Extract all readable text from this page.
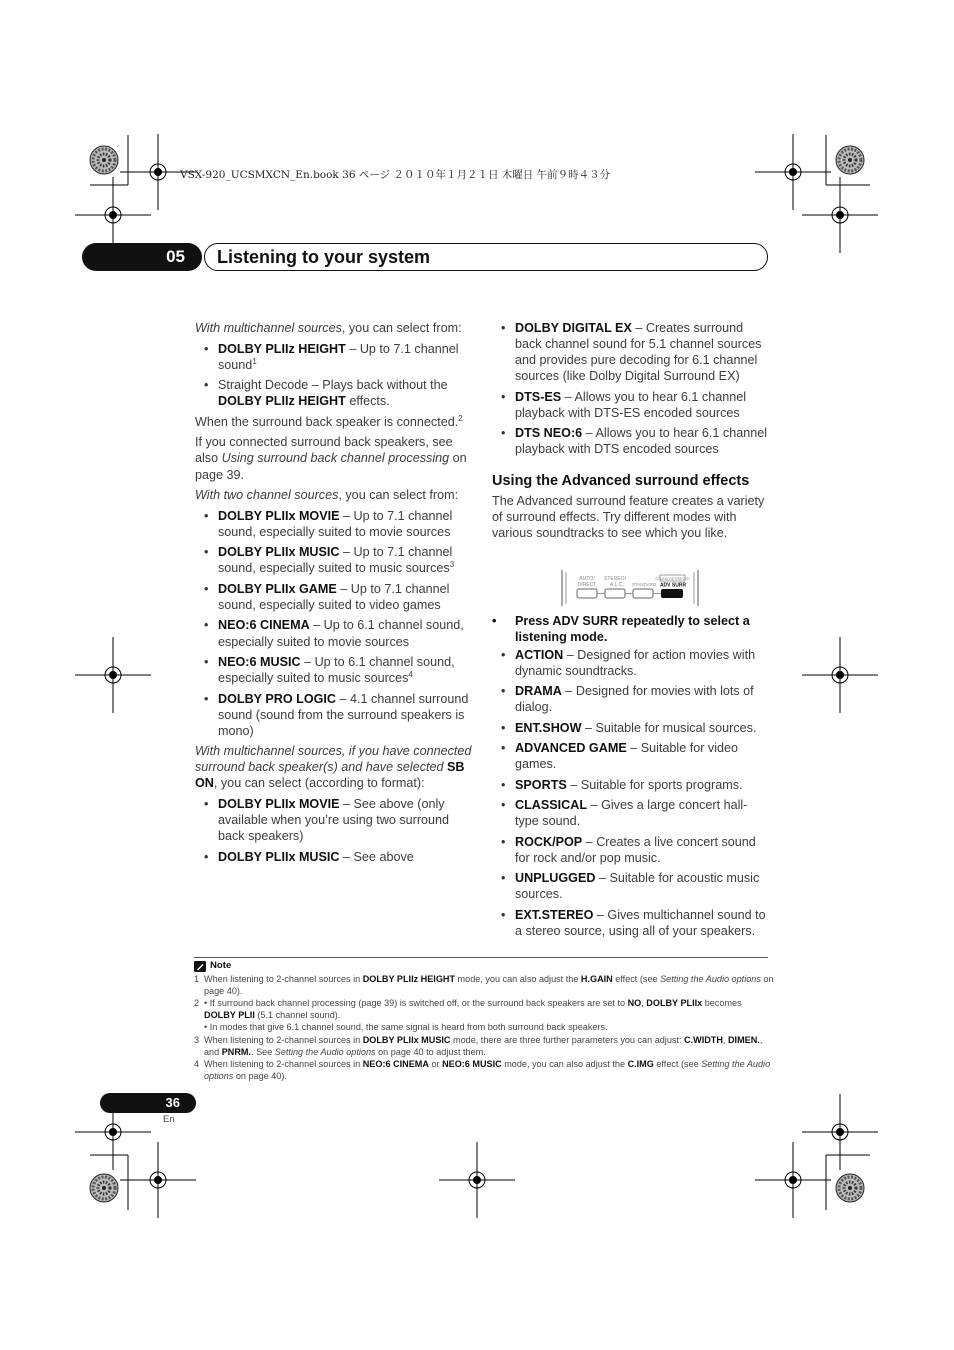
VSX-920_UCSMXCN_En.book 36 ページ ２０１０年１月２１日 木曜日 午前９時４３分
05	Listening to your system

With multichannel sources, you can select from:

• DOLBY PLIIz HEIGHT – Up to 7.1 channel sound$^1$
• Straight Decode – Plays back without the DOLBY PLIIz HEIGHT effects.

When the surround back speaker is connected.$^2$

If you connected surround back speakers, see also Using surround back channel processing on page 39.

With two channel sources, you can select from:

• DOLBY PLIIx MOVIE – Up to 7.1 channel sound, especially suited to movie sources
• DOLBY PLIIx MUSIC – Up to 7.1 channel sound, especially suited to music sources$^3$
• DOLBY PLIIx GAME – Up to 7.1 channel sound, especially suited to video games
• NEO:6 CINEMA – Up to 6.1 channel sound, especially suited to movie sources
• NEO:6 MUSIC – Up to 6.1 channel sound, especially suited to music sources$^4$
• DOLBY PRO LOGIC – 4.1 channel surround sound (sound from the surround speakers is mono)

With multichannel sources, if you have connected surround back speaker(s) and have selected SB ON, you can select (according to format):

• DOLBY PLIIx MOVIE – See above (only available when you’re using two surround back speakers)
• DOLBY PLIIx MUSIC – See above
• DOLBY DIGITAL EX – Creates surround back channel sound for 5.1 channel sources and provides pure decoding for 6.1 channel sources (like Dolby Digital Surround EX)
• DTS-ES – Allows you to hear 6.1 channel playback with DTS-ES encoded sources
• DTS NEO:6 – Allows you to hear 6.1 channel playback with DTS encoded sources
Using the Advanced surround effects

The Advanced surround feature creates a variety of surround effects. Try different modes with various soundtracks to see which you like.

• Press ADV SURR repeatedly to select a listening mode.
• ACTION – Designed for action movies with dynamic soundtracks.
• DRAMA – Designed for movies with lots of dialog.
• ENT.SHOW – Suitable for musical sources.
• ADVANCED GAME – Suitable for video games.
• SPORTS – Suitable for sports programs.
• CLASSICAL – Gives a large concert hall-type sound.
• ROCK/POP – Creates a live concert sound for rock and/or pop music.
• UNPLUGGED – Suitable for acoustic music sources.
• EXT.STEREO – Gives multichannel sound to a stereo source, using all of your speakers.
AUTO/
DIRECT
STEREO/
A.L.C. STANDARD
SOUND RETRIEVER
ADV SURR
Note
1 When listening to 2-channel sources in DOLBY PLIIz HEIGHT mode, you can also adjust the H.GAIN effect (see Setting the Audio options on page 40).
2 • If surround back channel processing (page 39) is switched off, or the surround back speakers are set to NO, DOLBY PLIIx becomes DOLBY PLII (5.1 channel sound).
• In modes that give 6.1 channel sound, the same signal is heard from both surround back speakers.
3 When listening to 2-channel sources in DOLBY PLIIx MUSIC mode, there are three further parameters you can adjust: C.WIDTH, DIMEN., and PNRM.. See Setting the Audio options on page 40 to adjust them.
4 When listening to 2-channel sources in NEO:6 CINEMA or NEO:6 MUSIC mode, you can also adjust the C.IMG effect (see Setting the Audio options on page 40).
36
En
